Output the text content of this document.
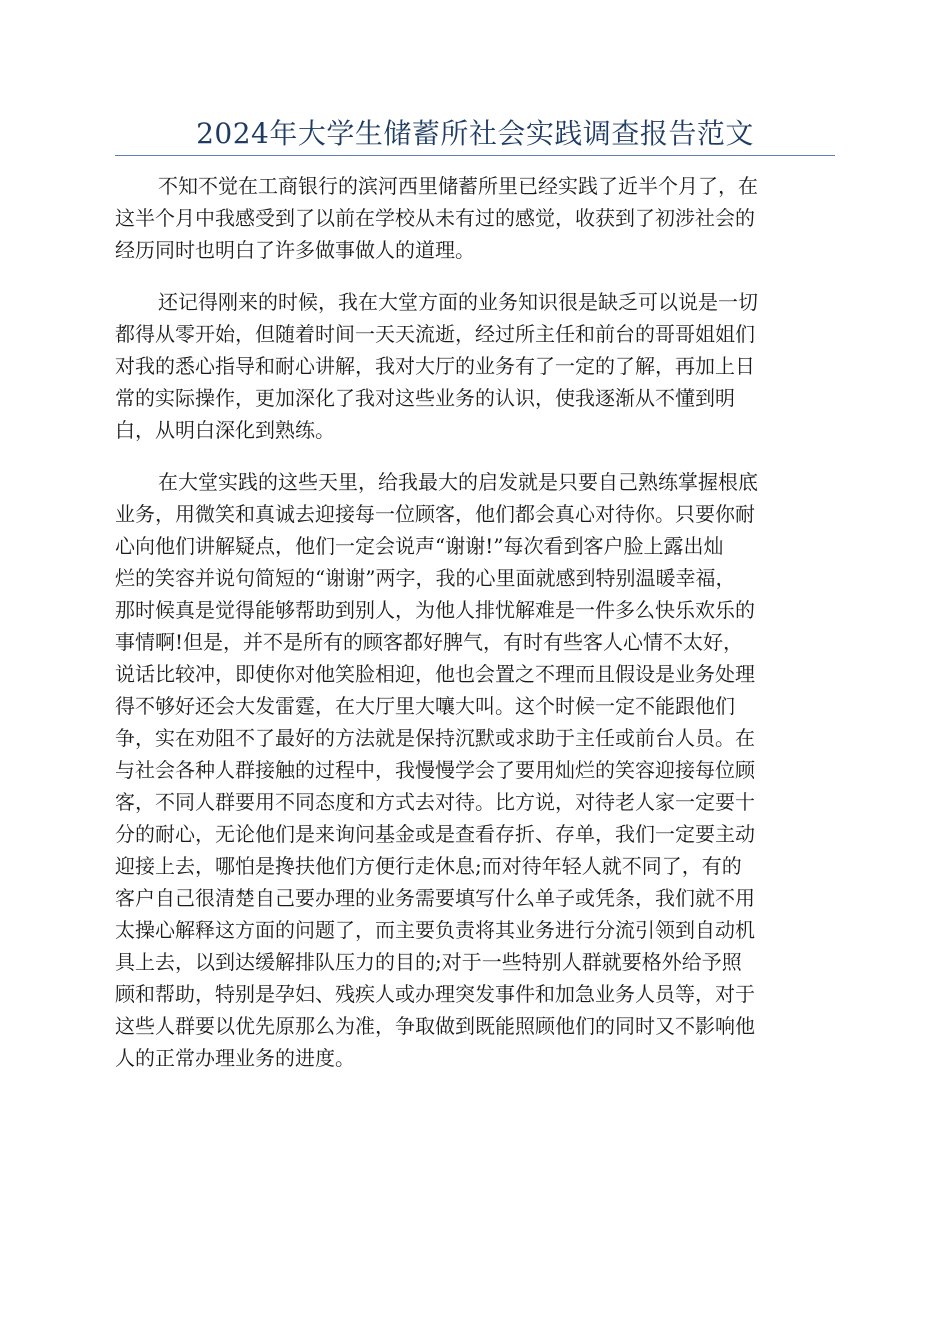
2024年大学生储蓄所社会实践调查报告范文
不知不觉在工商银行的滨河西里储蓄所里已经实践了近半个月了，在
这半个月中我感受到了以前在学校从未有过的感觉，收获到了初涉社会的
经历同时也明白了许多做事做人的道理。
还记得刚来的时候，我在大堂方面的业务知识很是缺乏可以说是一切
都得从零开始，但随着时间一天天流逝，经过所主任和前台的哥哥姐姐们
对我的悉心指导和耐心讲解，我对大厅的业务有了一定的了解，再加上日
常的实际操作，更加深化了我对这些业务的认识，使我逐渐从不懂到明
白，从明白深化到熟练。
在大堂实践的这些天里，给我最大的启发就是只要自己熟练掌握根底
业务，用微笑和真诚去迎接每一位顾客，他们都会真心对待你。只要你耐
心向他们讲解疑点，他们一定会说声“谢谢!”每次看到客户脸上露出灿
烂的笑容并说句简短的“谢谢”两字，我的心里面就感到特别温暖幸福，
那时候真是觉得能够帮助到别人，为他人排忧解难是一件多么快乐欢乐的
事情啊!但是，并不是所有的顾客都好脾气，有时有些客人心情不太好，
说话比较冲，即使你对他笑脸相迎，他也会置之不理而且假设是业务处理
得不够好还会大发雷霆，在大厅里大嚷大叫。这个时候一定不能跟他们
争，实在劝阻不了最好的方法就是保持沉默或求助于主任或前台人员。在
与社会各种人群接触的过程中，我慢慢学会了要用灿烂的笑容迎接每位顾
客，不同人群要用不同态度和方式去对待。比方说，对待老人家一定要十
分的耐心，无论他们是来询问基金或是查看存折、存单，我们一定要主动
迎接上去，哪怕是搀扶他们方便行走休息;而对待年轻人就不同了，有的
客户自己很清楚自己要办理的业务需要填写什么单子或凭条，我们就不用
太操心解释这方面的问题了，而主要负责将其业务进行分流引领到自动机
具上去，以到达缓解排队压力的目的;对于一些特别人群就要格外给予照
顾和帮助，特别是孕妇、残疾人或办理突发事件和加急业务人员等，对于
这些人群要以优先原那么为准，争取做到既能照顾他们的同时又不影响他
人的正常办理业务的进度。
